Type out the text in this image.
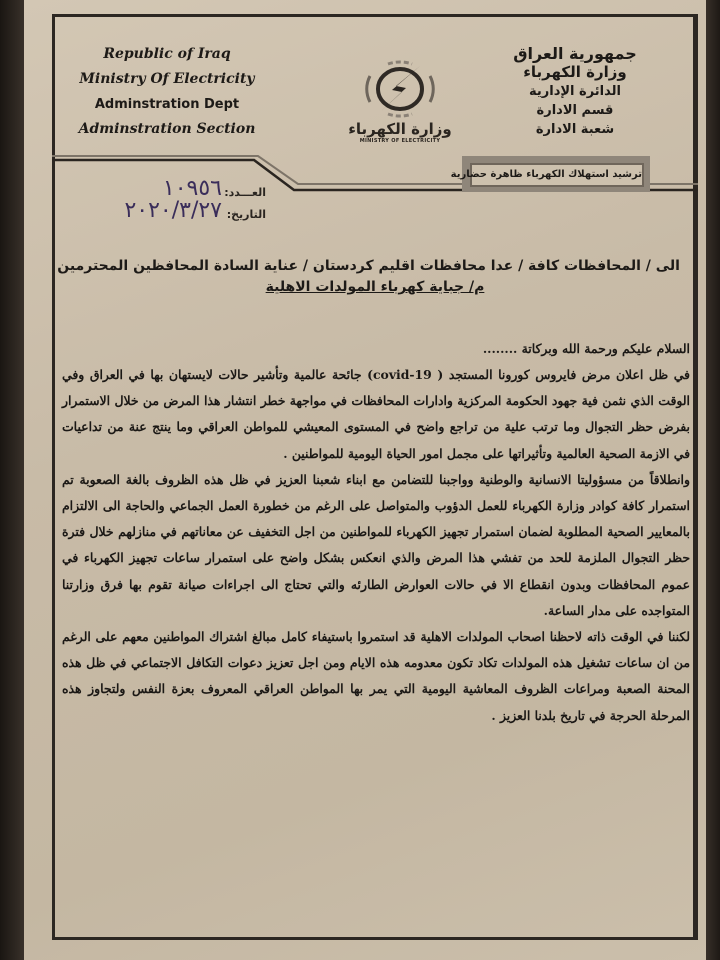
Republic of Iraq
Ministry Of Electricity
Adminstration Dept
Adminstration Section	وزارة الكهرباء
MINISTRY OF ELECTRICITY
جمهورية العراق
وزارة الكهرباء
الدائرة الإدارية
قسم الادارة
شعبة الادارة
ترشيد استهلاك الكهرباء ظاهرة حضارية
العـــدد:
١٠٩٥٦
التاريخ:
٢٠٢٠/٣/٢٧
الى / المحافظات كافة / عدا محافظات اقليم كردستان / عناية السادة المحافظين المحترمين
م/ جباية كهرباء المولدات الاهلية
السلام عليكم ورحمة الله وبركاتة ........

في ظل اعلان مرض فايروس كورونا المستجد ( covid-19) جائحة عالمية وتأشير حالات لايستهان بها في العراق وفي الوقت الذي نثمن فية جهود الحكومة المركزية وادارات المحافظات في مواجهة خطر انتشار هذا المرض من خلال الاستمرار بفرض حظر التجوال وما ترتب علية من تراجع واضح في المستوى المعيشي للمواطن العراقي وما ينتج عنة من تداعيات في الازمة الصحية العالمية وتأثيراتها على مجمل امور الحياة اليومية للمواطنين .

وانطلاقاً من مسؤوليتا الانسانية والوطنية وواجبنا للتضامن مع ابناء شعبنا العزيز في ظل هذه الظروف بالغة الصعوبة تم استمرار كافة كوادر وزارة الكهرباء للعمل الدؤوب والمتواصل على الرغم من خطورة العمل الجماعي والحاجة الى الالتزام بالمعايير الصحية المطلوبة لضمان استمرار تجهيز الكهرباء للمواطنين من اجل التخفيف عن معاناتهم في منازلهم خلال فترة حظر التجوال الملزمة للحد من تفشي هذا المرض والذي انعكس بشكل واضح على استمرار ساعات تجهيز الكهرباء في عموم المحافظات وبدون انقطاع الا في حالات العوارض الطارئه والتي تحتاج الى اجراءات صيانة تقوم بها فرق وزارتنا المتواجده على مدار الساعة.

لكننا في الوقت ذاته لاحظنا اصحاب المولدات الاهلية قد استمروا باستيفاء كامل مبالغ اشتراك المواطنين معهم على الرغم من ان ساعات تشغيل هذه المولدات تكاد تكون معدومه هذه الايام ومن اجل تعزيز دعوات التكافل الاجتماعي في ظل هذه المحنة الصعبة ومراعات الظروف المعاشية اليومية التي يمر بها المواطن العراقي المعروف بعزة النفس ولتجاوز هذه المرحلة الحرجة في تاريخ بلدنا العزيز .
